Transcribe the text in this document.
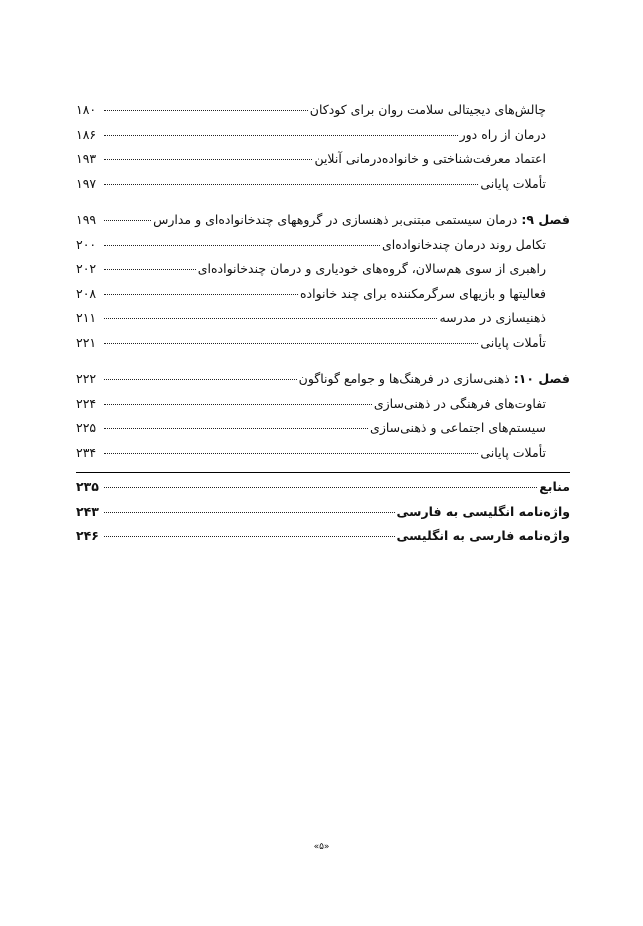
چالش‌های دیجیتالی سلامت روان برای کودکان
۱۸۰
درمان از راه دور
۱۸۶
اعتماد معرفت‌شناختی و خانواده‌درمانی آنلاین
۱۹۳
تأملات پایانی
۱۹۷
فصل ۹: درمان سیستمی مبتنی‌بر ذهنسازی در گروههای چندخانواده‌ای و مدارس
۱۹۹
تکامل روند درمان چندخانواده‌ای
۲۰۰
راهبری از سوی هم‌سالان، گروه‌های خودیاری و درمان چندخانواده‌ای
۲۰۲
فعالیتها و بازیهای سرگرمکننده برای چند خانواده
۲۰۸
ذهنیسازی در مدرسه
۲۱۱
تأملات پایانی
۲۲۱
فصل ۱۰: ذهنی‌سازی در فرهنگ‌ها و جوامع گوناگون
۲۲۲
تفاوت‌های فرهنگی در ذهنی‌سازی
۲۲۴
سیستم‌های اجتماعی و ذهنی‌سازی
۲۲۵
تأملات پایانی
۲۳۴
منابع
۲۳۵
واژه‌نامه انگلیسی به فارسی
۲۴۳
واژه‌نامه فارسی به انگلیسی
۲۴۶
«۵»
